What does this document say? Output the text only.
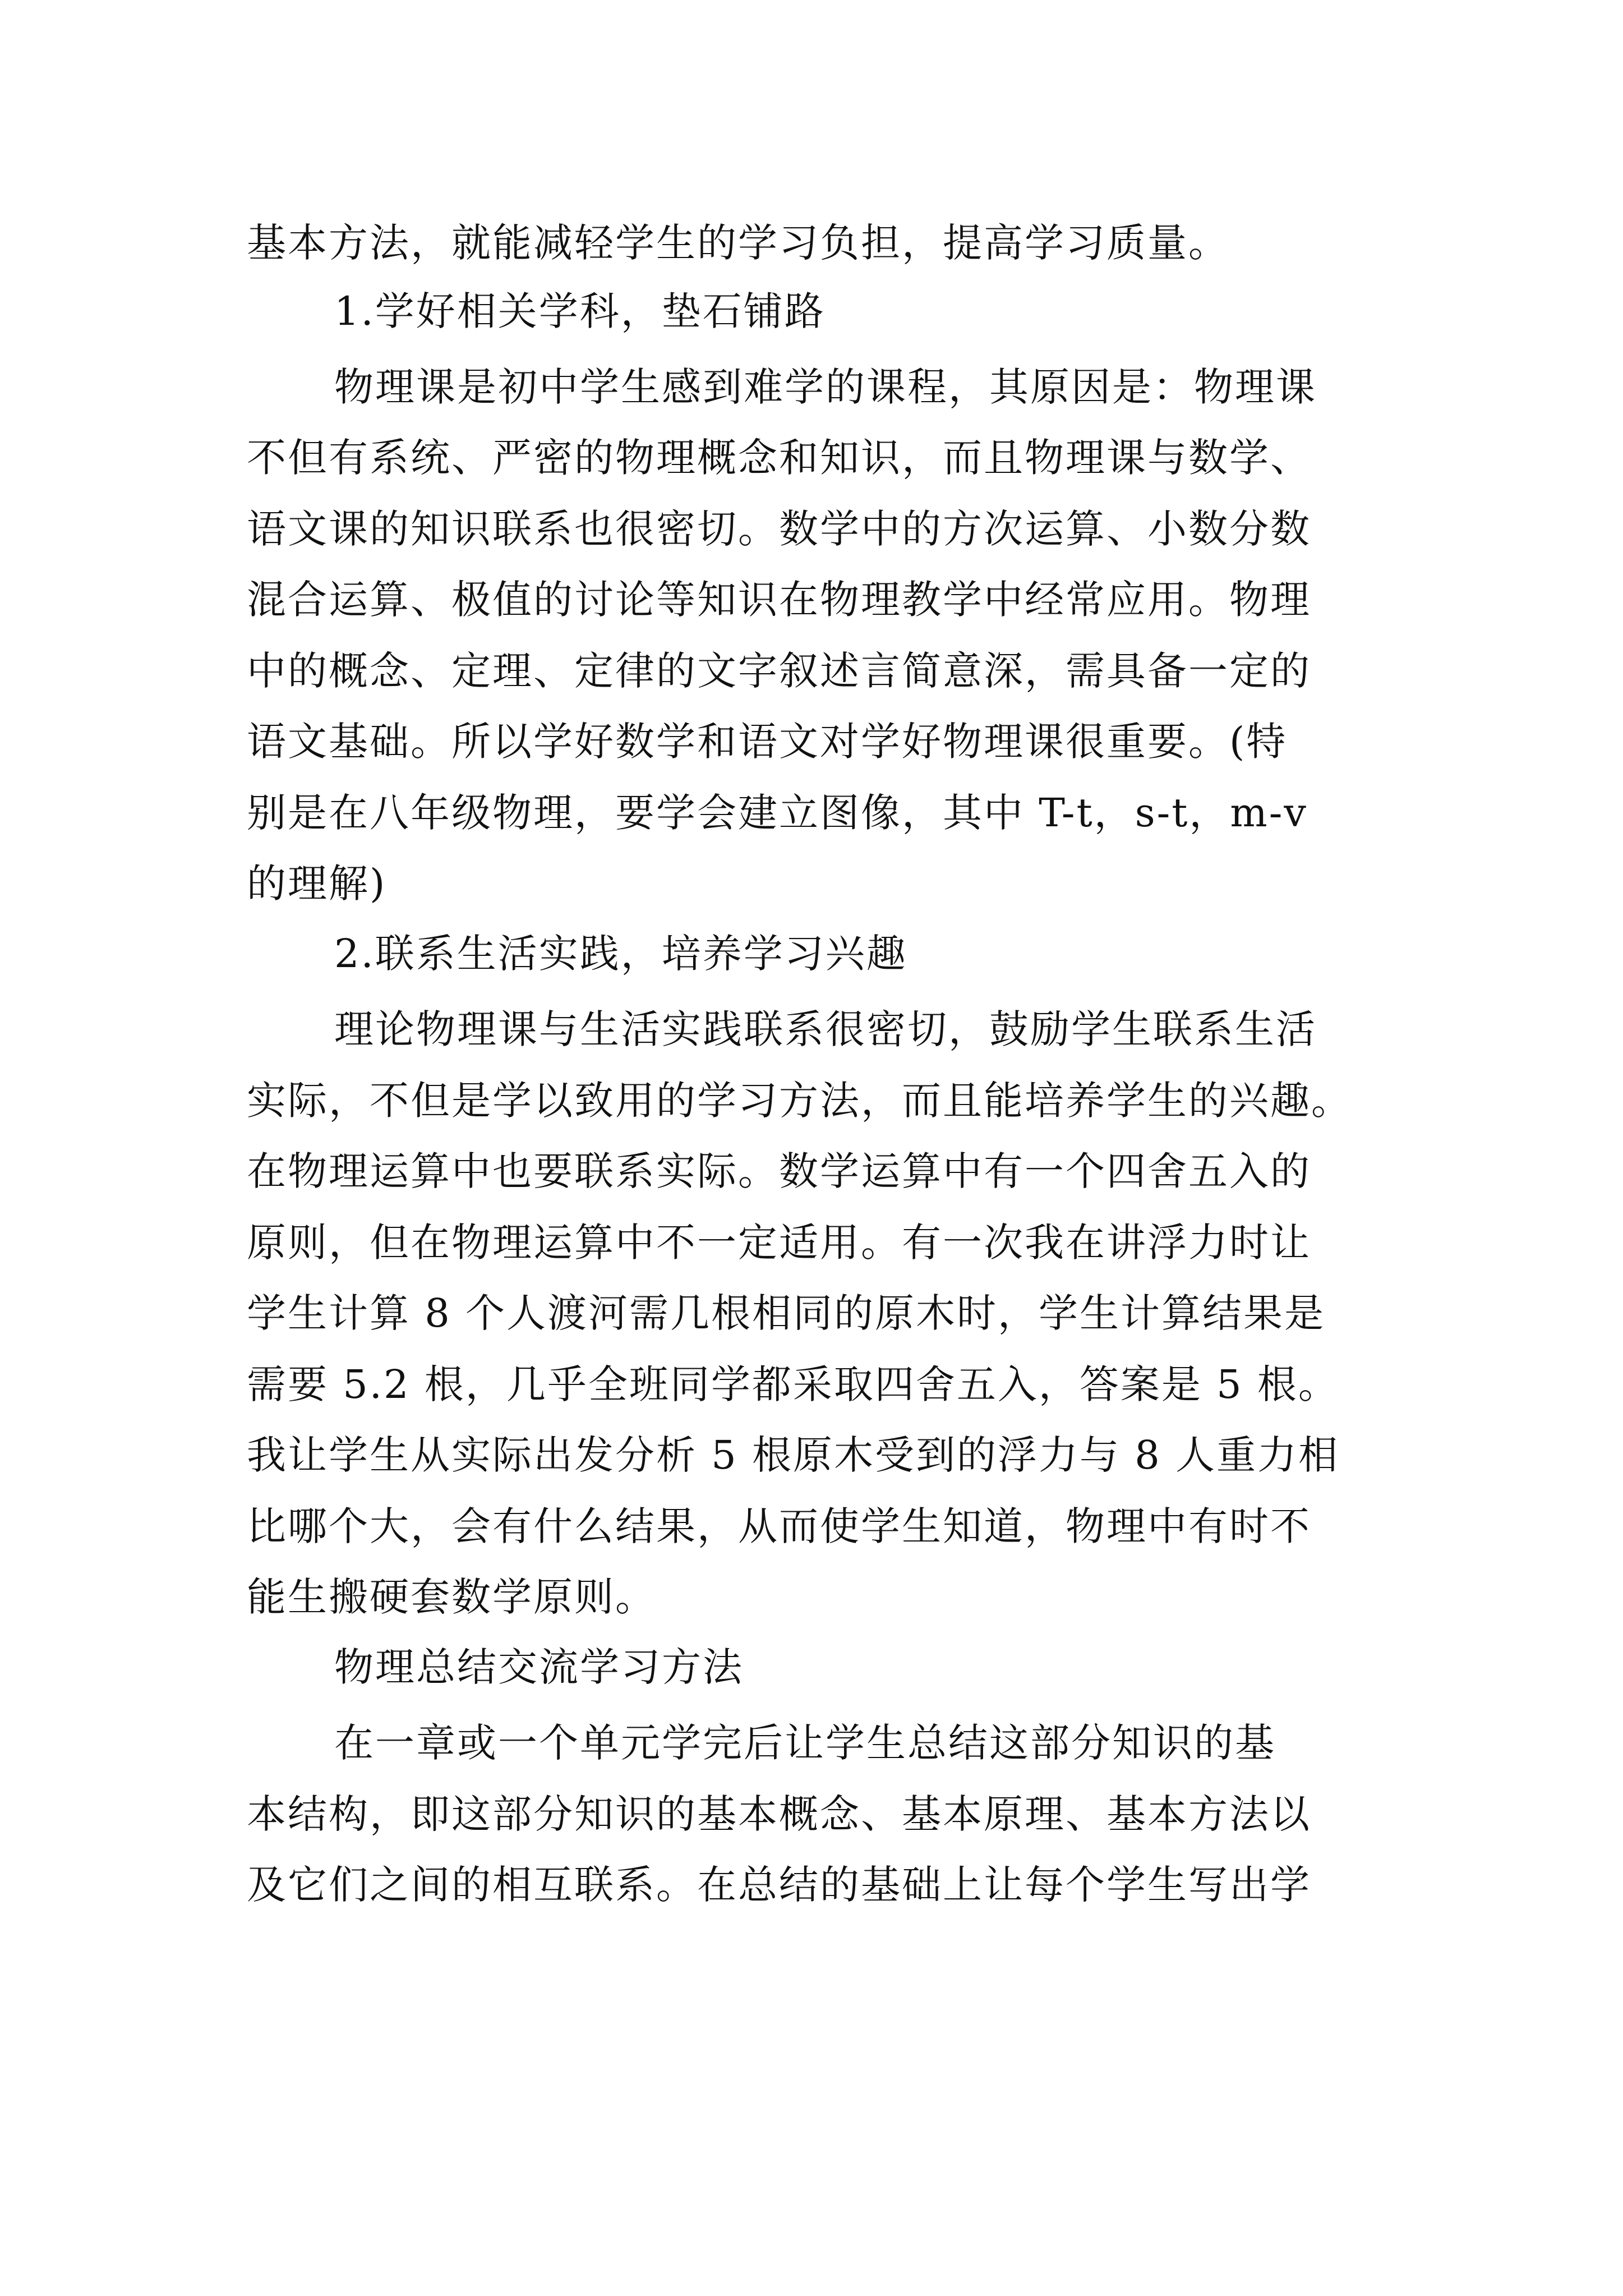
基本方法，就能减轻学生的学习负担，提高学习质量。
1.学好相关学科，垫石铺路
物理课是初中学生感到难学的课程，其原因是：物理课
不但有系统、严密的物理概念和知识，而且物理课与数学、
语文课的知识联系也很密切。数学中的方次运算、小数分数
混合运算、极值的讨论等知识在物理教学中经常应用。物理
中的概念、定理、定律的文字叙述言简意深，需具备一定的
语文基础。所以学好数学和语文对学好物理课很重要。(特
别是在八年级物理，要学会建立图像，其中 T-t，s-t，m-v
的理解)
2.联系生活实践，培养学习兴趣
理论物理课与生活实践联系很密切，鼓励学生联系生活
实际，不但是学以致用的学习方法，而且能培养学生的兴趣。
在物理运算中也要联系实际。数学运算中有一个四舍五入的
原则，但在物理运算中不一定适用。有一次我在讲浮力时让
学生计算 8 个人渡河需几根相同的原木时，学生计算结果是
需要 5.2 根，几乎全班同学都采取四舍五入，答案是 5 根。
我让学生从实际出发分析 5 根原木受到的浮力与 8 人重力相
比哪个大，会有什么结果，从而使学生知道，物理中有时不
能生搬硬套数学原则。
物理总结交流学习方法
在一章或一个单元学完后让学生总结这部分知识的基
本结构，即这部分知识的基本概念、基本原理、基本方法以
及它们之间的相互联系。在总结的基础上让每个学生写出学
